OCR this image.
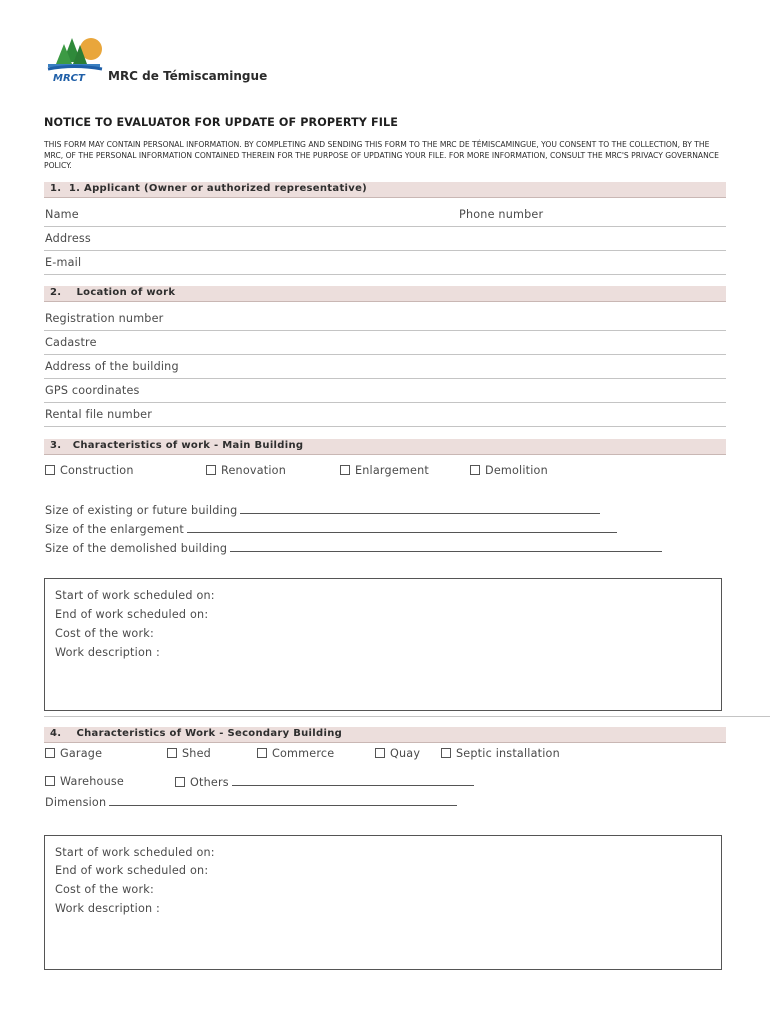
MRCT MRC de Témiscamingue
NOTICE TO EVALUATOR FOR UPDATE OF PROPERTY FILE
THIS FORM MAY CONTAIN PERSONAL INFORMATION. BY COMPLETING AND SENDING THIS FORM TO THE MRC DE TÉMISCAMINGUE, YOU CONSENT TO THE COLLECTION, BY THE MRC, OF THE PERSONAL INFORMATION CONTAINED THEREIN FOR THE PURPOSE OF UPDATING YOUR FILE. FOR MORE INFORMATION, CONSULT THE MRC'S PRIVACY GOVERNANCE POLICY.
1.  1. Applicant (Owner or authorized representative)
Name	Phone number
Address
E-mail
2.    Location of work
Registration number
Cadastre
Address of the building
GPS coordinates
Rental file number
3.   Characteristics of work - Main Building
Construction	Renovation	Enlargement	Demolition
Size of existing or future building
Size of the enlargement
Size of the demolished building
Start of work scheduled on:
End of work scheduled on:
Cost of the work:
Work description :
4.    Characteristics of Work - Secondary Building
Garage	Shed	Commerce	Quay	Septic installation
Warehouse	Others
Dimension
Start of work scheduled on:
End of work scheduled on:
Cost of the work:
Work description :
